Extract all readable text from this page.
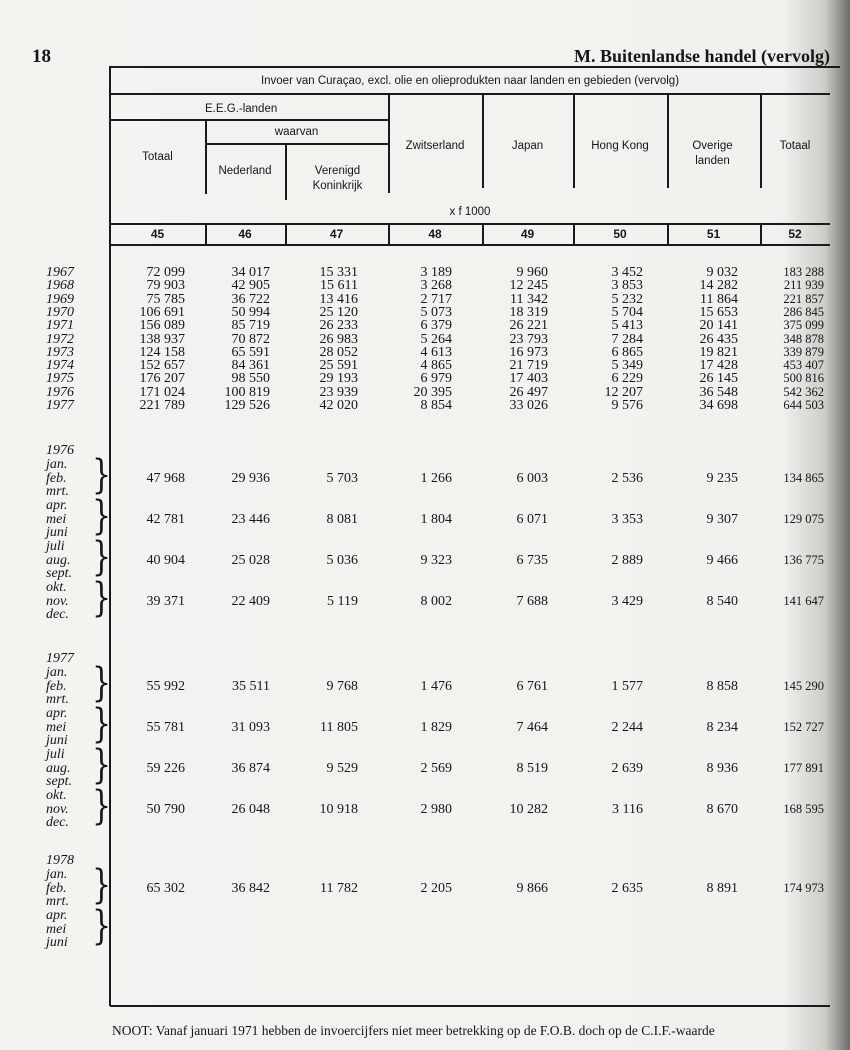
18	M. Buitenlandse handel (vervolg)
Invoer van Curaçao, excl. olie en olieprodukten naar landen en gebieden (vervolg)
E.E.G.-landen
waarvan
Totaal
Nederland	Verenigd Koninkrijk
Zwitserland	Japan	Hong Kong	Overige landen
Totaal
x f 1000
45	46	47	48	49	50	51	52
1967	72 099	34 017	15 331	3 189	9 960	3 452	9 032	183 288
1968	79 903	42 905	15 611	3 268	12 245	3 853	14 282	211 939
1969	75 785	36 722	13 416	2 717	11 342	5 232	11 864	221 857
1970	106 691	50 994	25 120	5 073	18 319	5 704	15 653	286 845
1971	156 089	85 719	26 233	6 379	26 221	5 413	20 141	375 099
1972	138 937	70 872	26 983	5 264	23 793	7 284	26 435	348 878
1973	124 158	65 591	28 052	4 613	16 973	6 865	19 821	339 879
1974	152 657	84 361	25 591	4 865	21 719	5 349	17 428	453 407
1975	176 207	98 550	29 193	6 979	17 403	6 229	26 145	500 816
1976	171 024	100 819	23 939	20 395	26 497	12 207	36 548	542 362
1977	221 789	129 526	42 020	8 854	33 026	9 576	34 698	644 503
1976
jan.
feb.
mrt. }	47 968	29 936	5 703	1 266	6 003	2 536	9 235	134 865
apr.
mei
juni }	42 781	23 446	8 081	1 804	6 071	3 353	9 307	129 075
juli
aug.
sept. }	40 904	25 028	5 036	9 323	6 735	2 889	9 466	136 775
okt.
nov.
dec. }	39 371	22 409	5 119	8 002	7 688	3 429	8 540	141 647
1977
jan.
feb.
mrt. }	55 992	35 511	9 768	1 476	6 761	1 577	8 858	145 290
apr.
mei
juni }	55 781	31 093	11 805	1 829	7 464	2 244	8 234	152 727
juli
aug.
sept. }	59 226	36 874	9 529	2 569	8 519	2 639	8 936	177 891
okt.
nov.
dec. }	50 790	26 048	10 918	2 980	10 282	3 116	8 670	168 595
1978
jan.
feb.
mrt. }	65 302	36 842	11 782	2 205	9 866	2 635	8 891	174 973
apr.
mei
juni }
NOOT: Vanaf januari 1971 hebben de invoercijfers niet meer betrekking op de F.O.B. doch op de C.I.F.-waarde
